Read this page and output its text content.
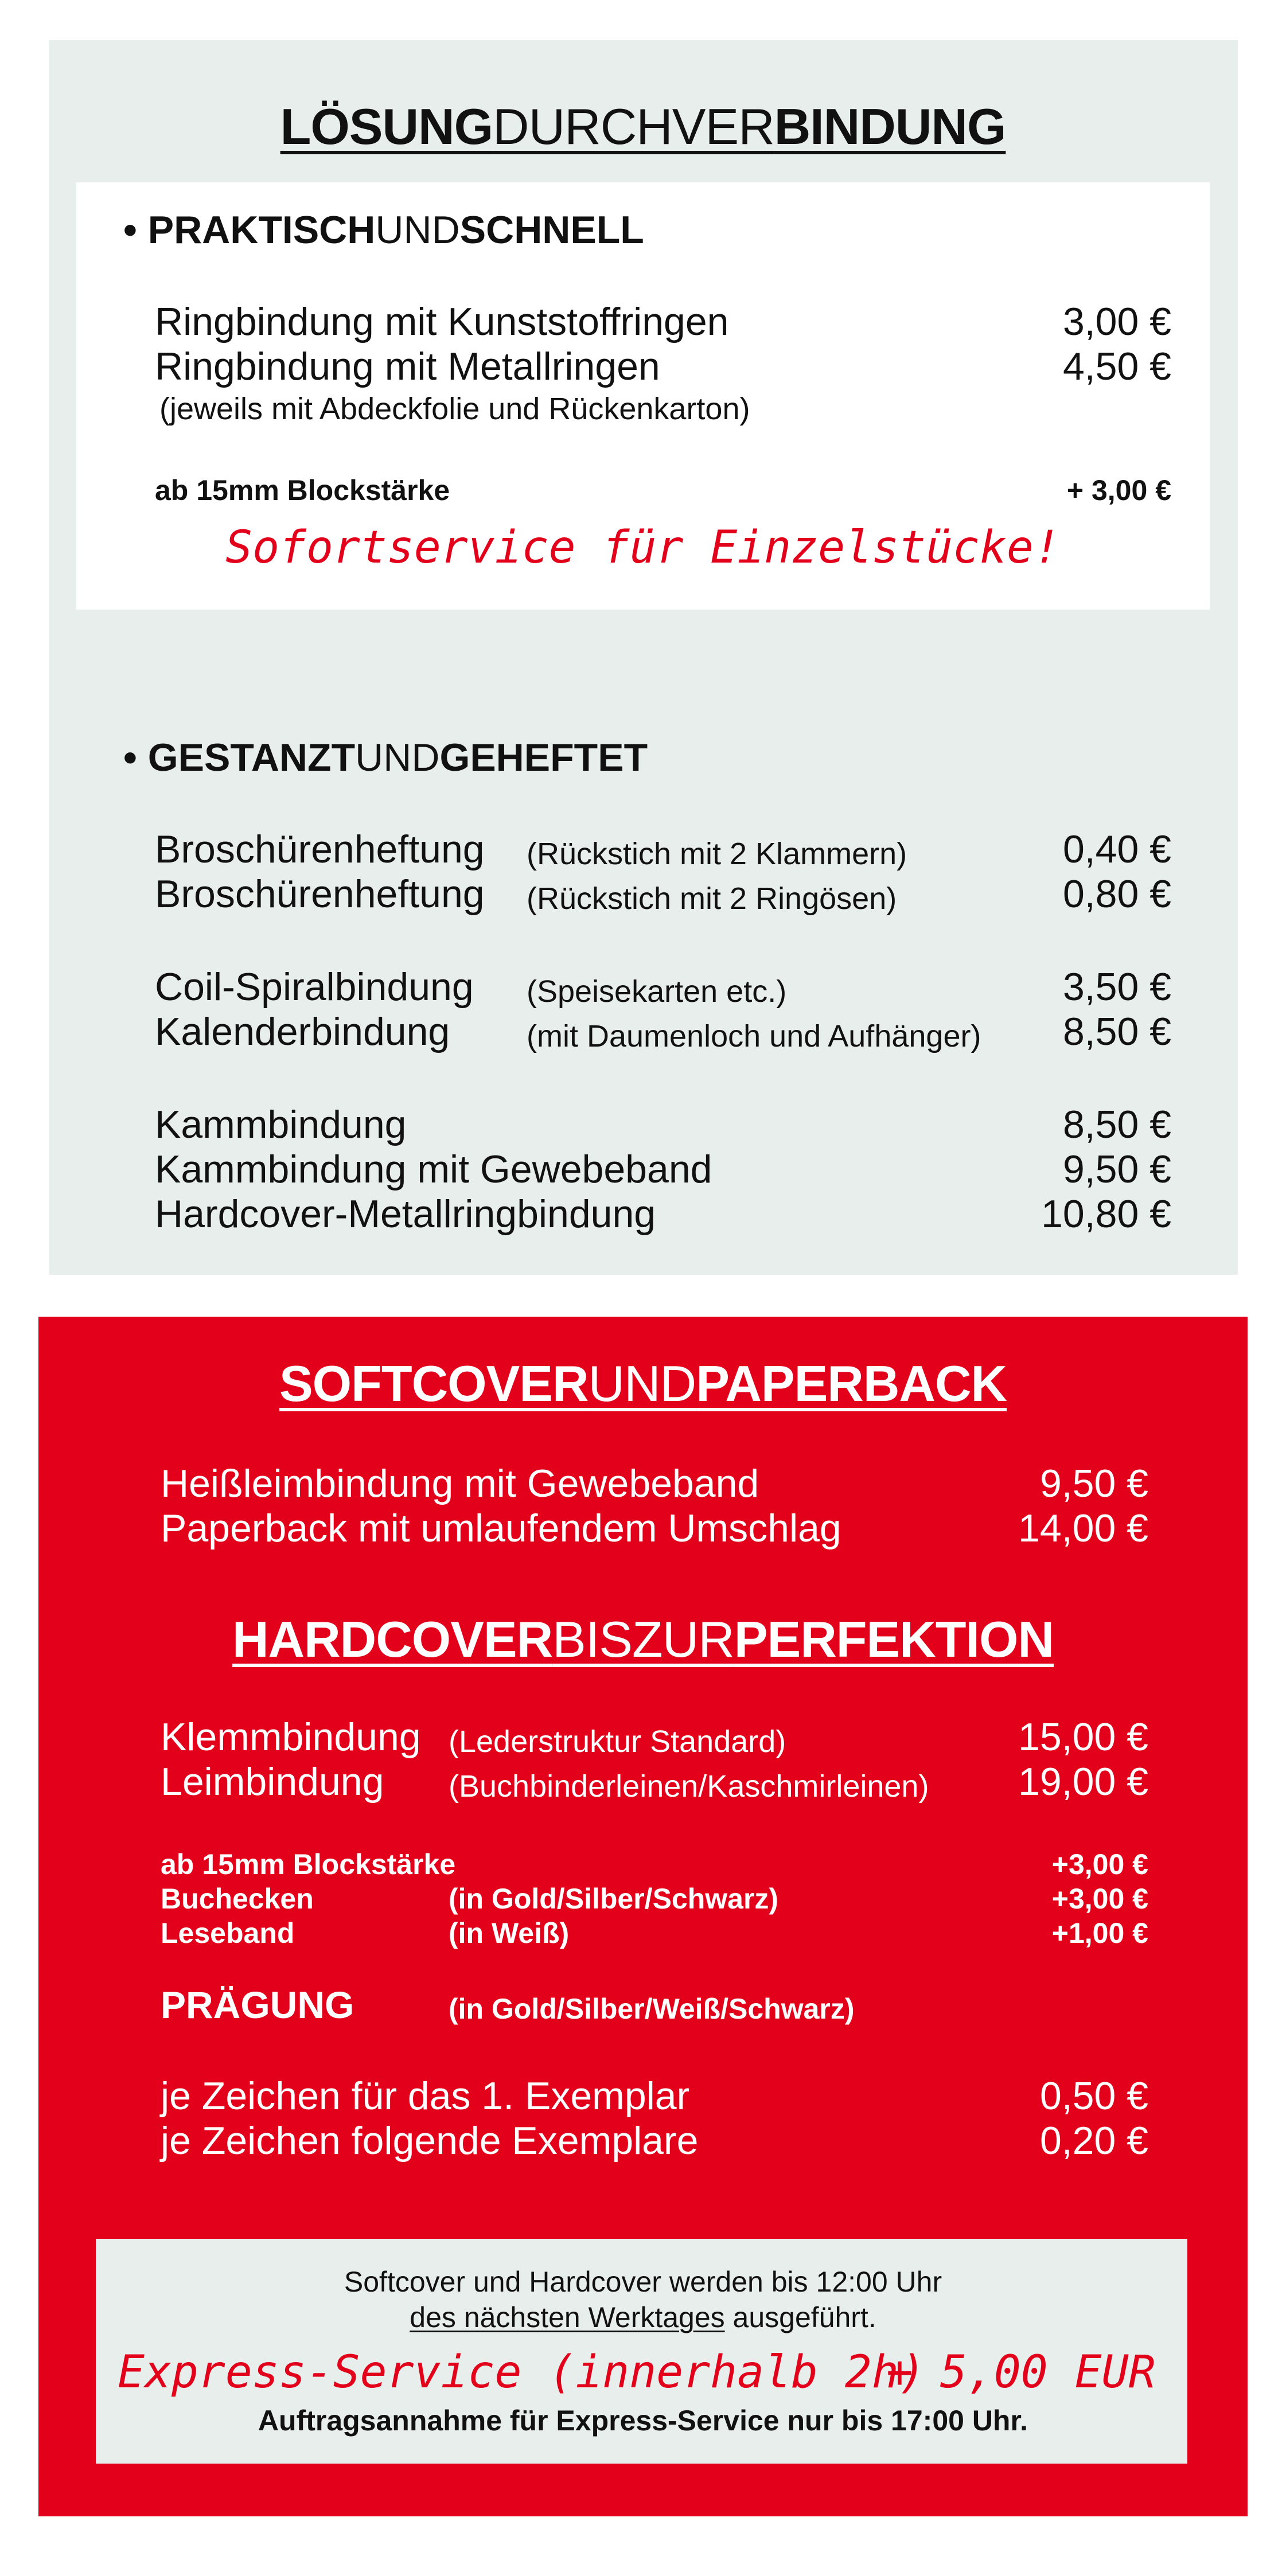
LÖSUNGDURCHVERBINDUNG
• PRAKTISCHUNDSCHNELL
Ringbindung mit Kunststoffringen	3,00 €
Ringbindung mit Metallringen	4,50 €
(jeweils mit Abdeckfolie und Rückenkarton)
ab 15mm Blockstärke	+ 3,00 €
Sofortservice für Einzelstücke!
• GESTANZTUNDGEHEFTET
Broschürenheftung (Rückstich mit 2 Klammern)	0,40 €
Broschürenheftung (Rückstich mit 2 Ringösen)	0,80 €
Coil-Spiralbindung (Speisekarten etc.)	3,50 €
Kalenderbindung (mit Daumenloch und Aufhänger) 8,50 €
Kammbindung	8,50 €
Kammbindung mit Gewebeband	9,50 €
Hardcover-Metallringbindung	10,80 €
SOFTCOVERUNDPAPERBACK
Heißleimbindung mit Gewebeband	9,50 €
Paperback mit umlaufendem Umschlag	14,00 €
HARDCOVERBISZURPERFEKTION
Klemmbindung (Lederstruktur Standard)	15,00 €
Leimbindung (Buchbinderleinen/Kaschmirleinen) 19,00 €
ab 15mm Blockstärke	+3,00 €
Buchecken	(in Gold/Silber/Schwarz)	+3,00 €
Leseband	(in Weiß)	+1,00 €
PRÄGUNG	(in Gold/Silber/Weiß/Schwarz)
je Zeichen für das 1. Exemplar	0,50 €
je Zeichen folgende Exemplare	0,20 €
Softcover und Hardcover werden bis 12:00 Uhr
des nächsten Werktages ausgeführt.
Express-Service (innerhalb 2h)
+ 5,00 EUR
Auftragsannahme für Express-Service nur bis 17:00 Uhr.
